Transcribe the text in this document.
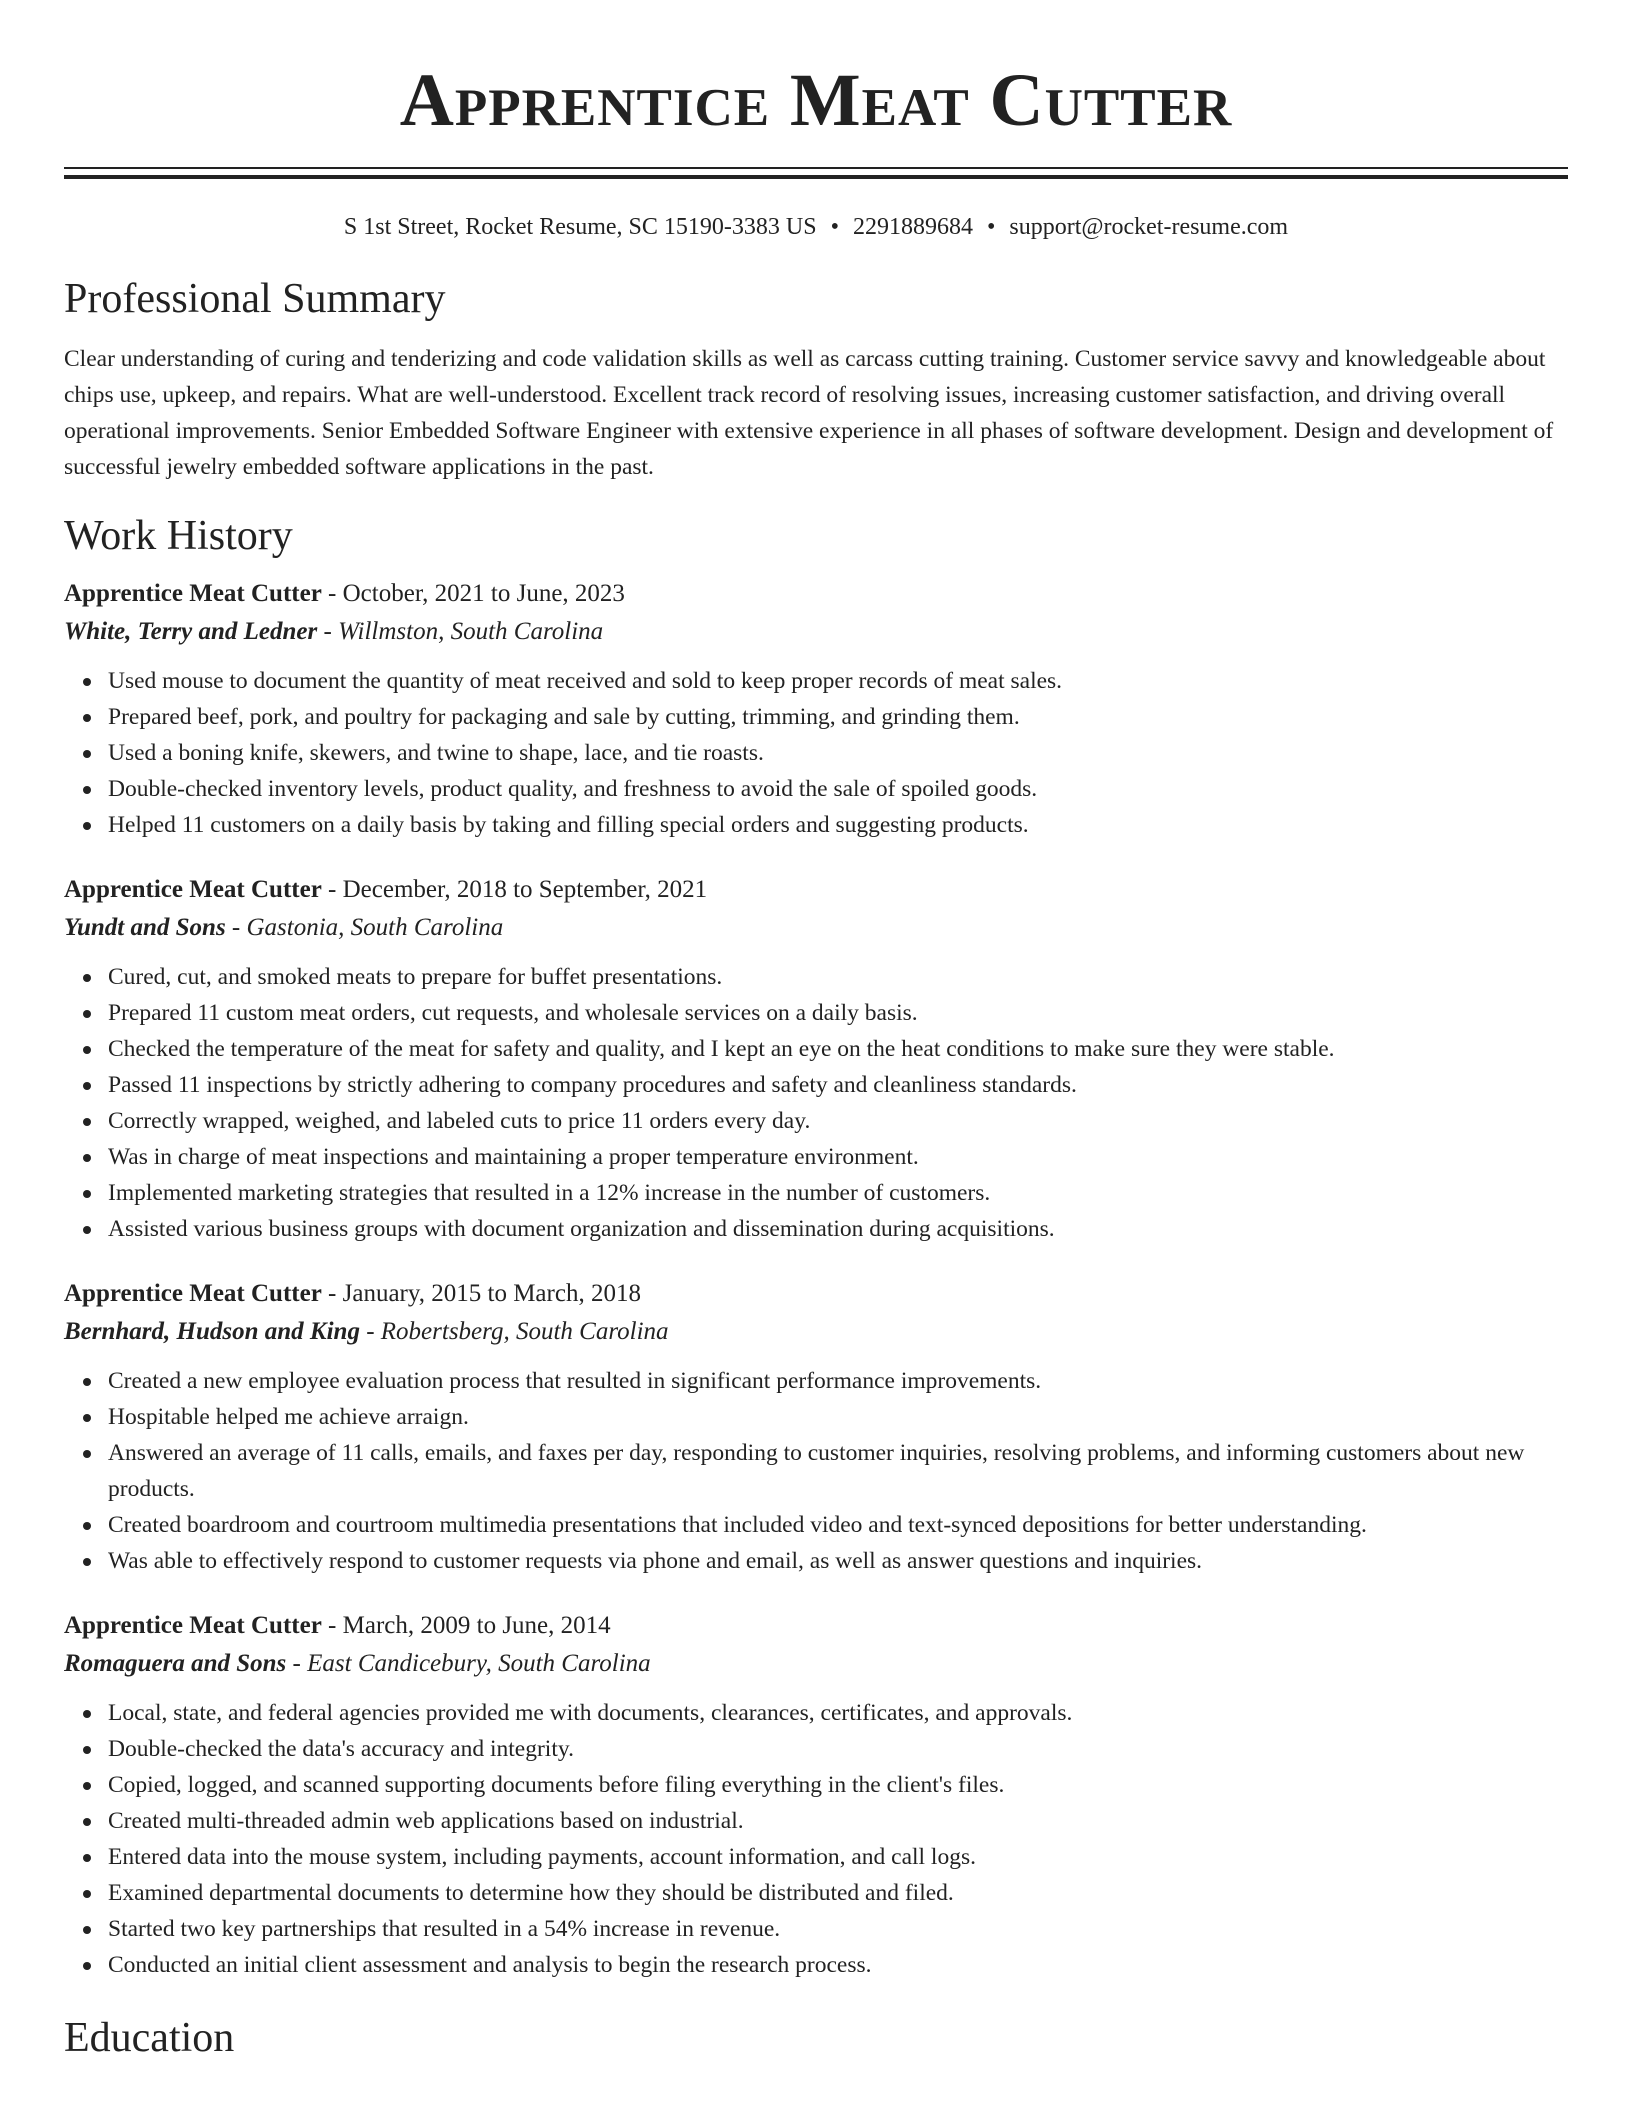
Apprentice Meat Cutter
S 1st Street, Rocket Resume, SC 15190-3383 US • 2291889684 • support@rocket-resume.com
Professional Summary
Clear understanding of curing and tenderizing and code validation skills as well as carcass cutting training. Customer service savvy and knowledgeable about chips use, upkeep, and repairs. What are well-understood. Excellent track record of resolving issues, increasing customer satisfaction, and driving overall operational improvements. Senior Embedded Software Engineer with extensive experience in all phases of software development. Design and development of successful jewelry embedded software applications in the past.
Work History
Apprentice Meat Cutter - October, 2021 to June, 2023
White, Terry and Ledner - Willmston, South Carolina
Used mouse to document the quantity of meat received and sold to keep proper records of meat sales.
Prepared beef, pork, and poultry for packaging and sale by cutting, trimming, and grinding them.
Used a boning knife, skewers, and twine to shape, lace, and tie roasts.
Double-checked inventory levels, product quality, and freshness to avoid the sale of spoiled goods.
Helped 11 customers on a daily basis by taking and filling special orders and suggesting products.
Apprentice Meat Cutter - December, 2018 to September, 2021
Yundt and Sons - Gastonia, South Carolina
Cured, cut, and smoked meats to prepare for buffet presentations.
Prepared 11 custom meat orders, cut requests, and wholesale services on a daily basis.
Checked the temperature of the meat for safety and quality, and I kept an eye on the heat conditions to make sure they were stable.
Passed 11 inspections by strictly adhering to company procedures and safety and cleanliness standards.
Correctly wrapped, weighed, and labeled cuts to price 11 orders every day.
Was in charge of meat inspections and maintaining a proper temperature environment.
Implemented marketing strategies that resulted in a 12% increase in the number of customers.
Assisted various business groups with document organization and dissemination during acquisitions.
Apprentice Meat Cutter - January, 2015 to March, 2018
Bernhard, Hudson and King - Robertsberg, South Carolina
Created a new employee evaluation process that resulted in significant performance improvements.
Hospitable helped me achieve arraign.
Answered an average of 11 calls, emails, and faxes per day, responding to customer inquiries, resolving problems, and informing customers about new products.
Created boardroom and courtroom multimedia presentations that included video and text-synced depositions for better understanding.
Was able to effectively respond to customer requests via phone and email, as well as answer questions and inquiries.
Apprentice Meat Cutter - March, 2009 to June, 2014
Romaguera and Sons - East Candicebury, South Carolina
Local, state, and federal agencies provided me with documents, clearances, certificates, and approvals.
Double-checked the data's accuracy and integrity.
Copied, logged, and scanned supporting documents before filing everything in the client's files.
Created multi-threaded admin web applications based on industrial.
Entered data into the mouse system, including payments, account information, and call logs.
Examined departmental documents to determine how they should be distributed and filed.
Started two key partnerships that resulted in a 54% increase in revenue.
Conducted an initial client assessment and analysis to begin the research process.
Education
